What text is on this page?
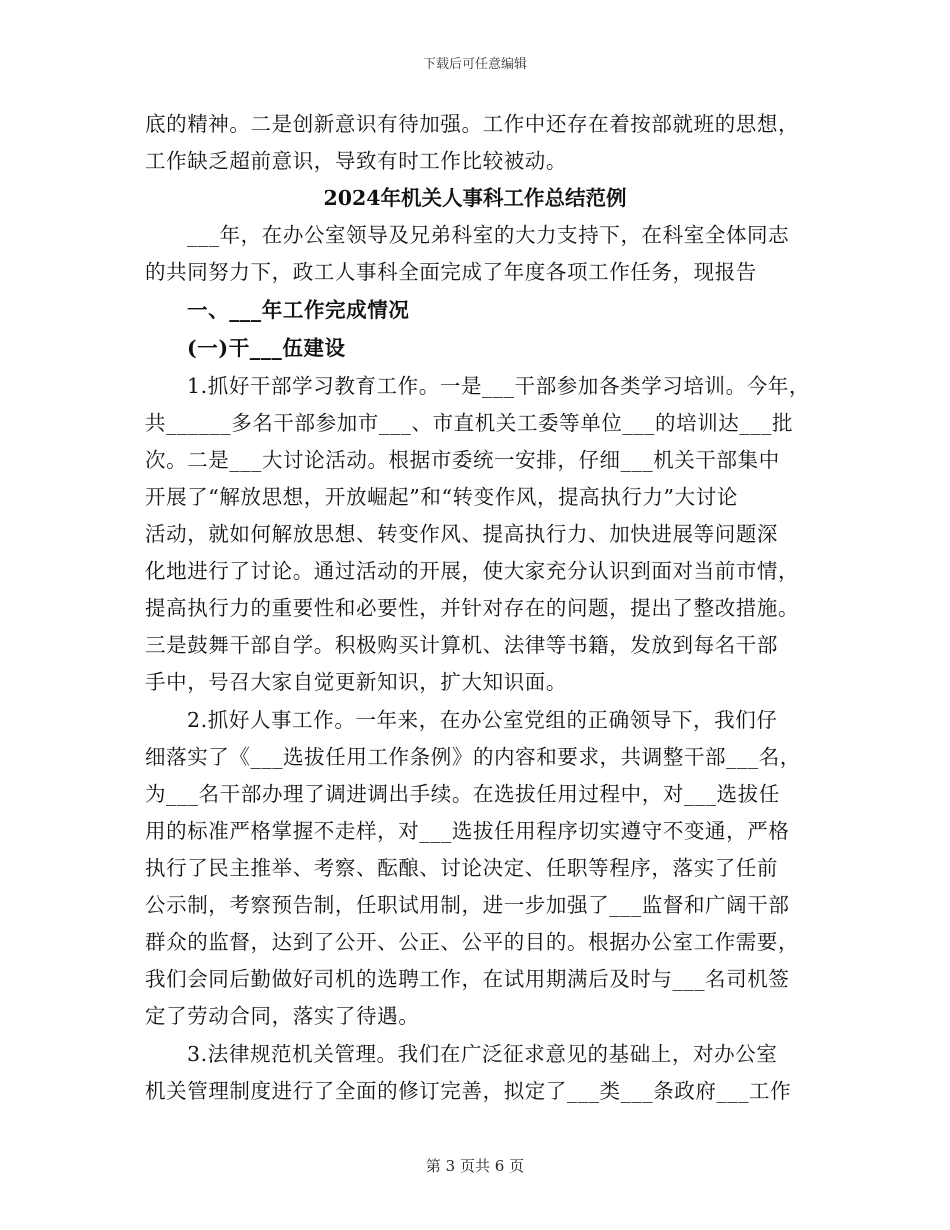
下载后可任意编辑
底的精神。二是创新意识有待加强。工作中还存在着按部就班的思想，
工作缺乏超前意识，导致有时工作比较被动。
2024年机关人事科工作总结范例
___年，在办公室领导及兄弟科室的大力支持下，在科室全体同志
的共同努力下，政工人事科全面完成了年度各项工作任务，现报告
一、___年工作完成情况
(一)干___伍建设
1.抓好干部学习教育工作。一是___干部参加各类学习培训。今年，
共______多名干部参加市___、市直机关工委等单位___的培训达___批
次。二是___大讨论活动。根据市委统一安排，仔细___机关干部集中
开展了“解放思想，开放崛起”和“转变作风，提高执行力”大讨论
活动，就如何解放思想、转变作风、提高执行力、加快进展等问题深
化地进行了讨论。通过活动的开展，使大家充分认识到面对当前市情，
提高执行力的重要性和必要性，并针对存在的问题，提出了整改措施。
三是鼓舞干部自学。积极购买计算机、法律等书籍，发放到每名干部
手中，号召大家自觉更新知识，扩大知识面。
2.抓好人事工作。一年来，在办公室党组的正确领导下，我们仔
细落实了《___选拔任用工作条例》的内容和要求，共调整干部___名，
为___名干部办理了调进调出手续。在选拔任用过程中，对___选拔任
用的标准严格掌握不走样，对___选拔任用程序切实遵守不变通，严格
执行了民主推举、考察、酝酿、讨论决定、任职等程序，落实了任前
公示制，考察预告制，任职试用制，进一步加强了___监督和广阔干部
群众的监督，达到了公开、公正、公平的目的。根据办公室工作需要，
我们会同后勤做好司机的选聘工作，在试用期满后及时与___名司机签
定了劳动合同，落实了待遇。
3.法律规范机关管理。我们在广泛征求意见的基础上，对办公室
机关管理制度进行了全面的修订完善，拟定了___类___条政府___工作
第 3 页共 6 页
